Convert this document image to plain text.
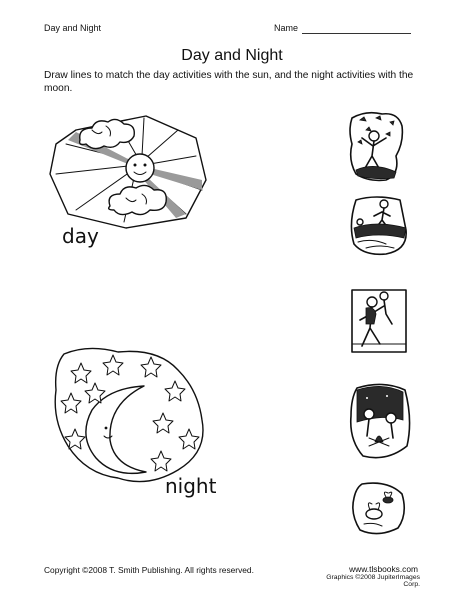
Day and Night	Name
Day and Night
Draw lines to match the day activities with the sun, and the night activities with the moon.
day
night
Copyright ©2008 T. Smith Publishing. All rights reserved.	www.tlsbooks.com
Graphics ©2008 JupiterImages Corp.
